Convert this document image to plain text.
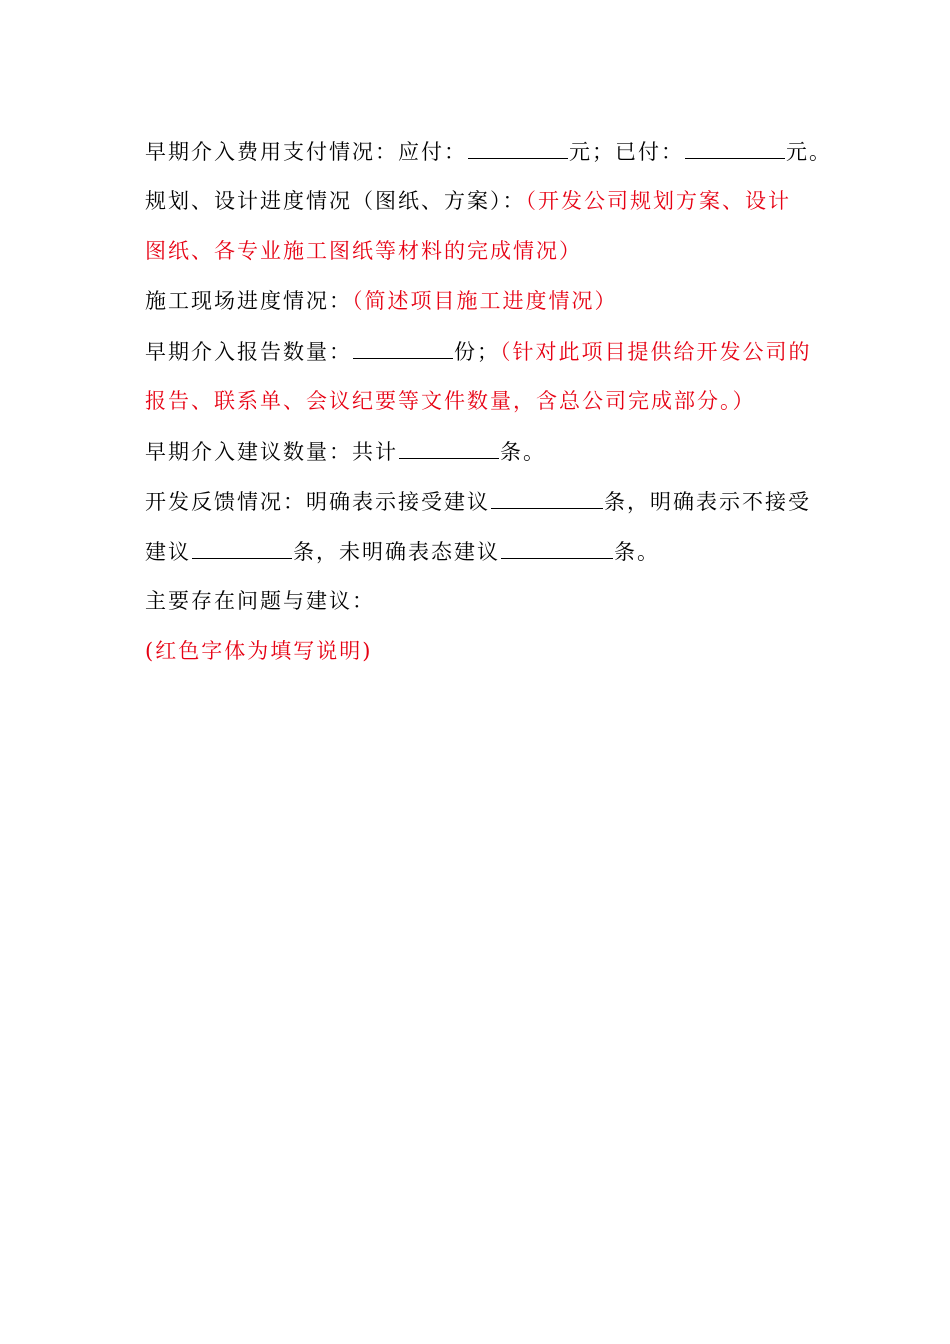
早期介入费用支付情况：应付：	元；已付：	元。
规划、设计进度情况（图纸、方案）：（开发公司规划方案、设计
图纸、各专业施工图纸等材料的完成情况）
施工现场进度情况：（简述项目施工进度情况）
早期介入报告数量：	份；（针对此项目提供给开发公司的
报告、联系单、会议纪要等文件数量，含总公司完成部分。）
早期介入建议数量：共计	条。
开发反馈情况：明确表示接受建议	条，明确表示不接受
建议	条，未明确表态建议	条。
主要存在问题与建议：
(红色字体为填写说明)
